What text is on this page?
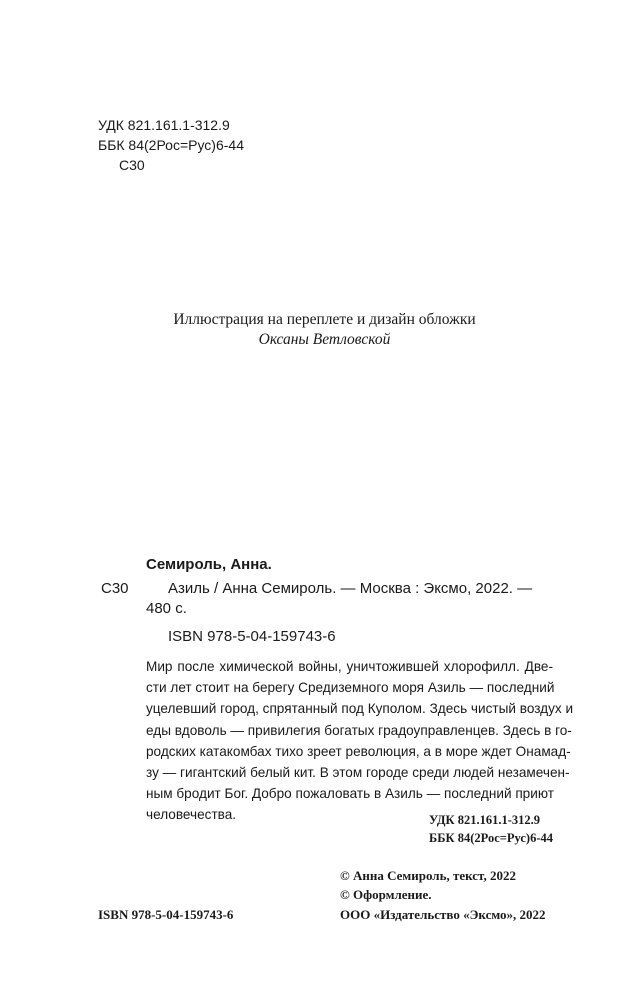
УДК 821.161.1-312.9
ББК 84(2Рос=Рус)6-44
С30
Иллюстрация на переплете и дизайн обложки
Оксаны Ветловской
Семироль, Анна.
С30	Азиль / Анна Семироль. — Москва : Эксмо, 2022. —
480 с.
ISBN 978-5-04-159743-6
Мир после химической войны, уничтожившей хлорофилл. Две-
сти лет стоит на берегу Средиземного моря Азиль — последний
уцелевший город, спрятанный под Куполом. Здесь чистый воздух и
еды вдоволь — привилегия богатых градоуправленцев. Здесь в го-
родских катакомбах тихо зреет революция, а в море ждет Онамад-
зу — гигантский белый кит. В этом городе среди людей незамечен-
ным бродит Бог. Добро пожаловать в Азиль — последний приют
человечества.	УДК 821.161.1-312.9
ББК 84(2Рос=Рус)6-44
© Анна Семироль, текст, 2022
© Оформление.
ООО «Издательство «Эксмо», 2022
ISBN 978-5-04-159743-6
